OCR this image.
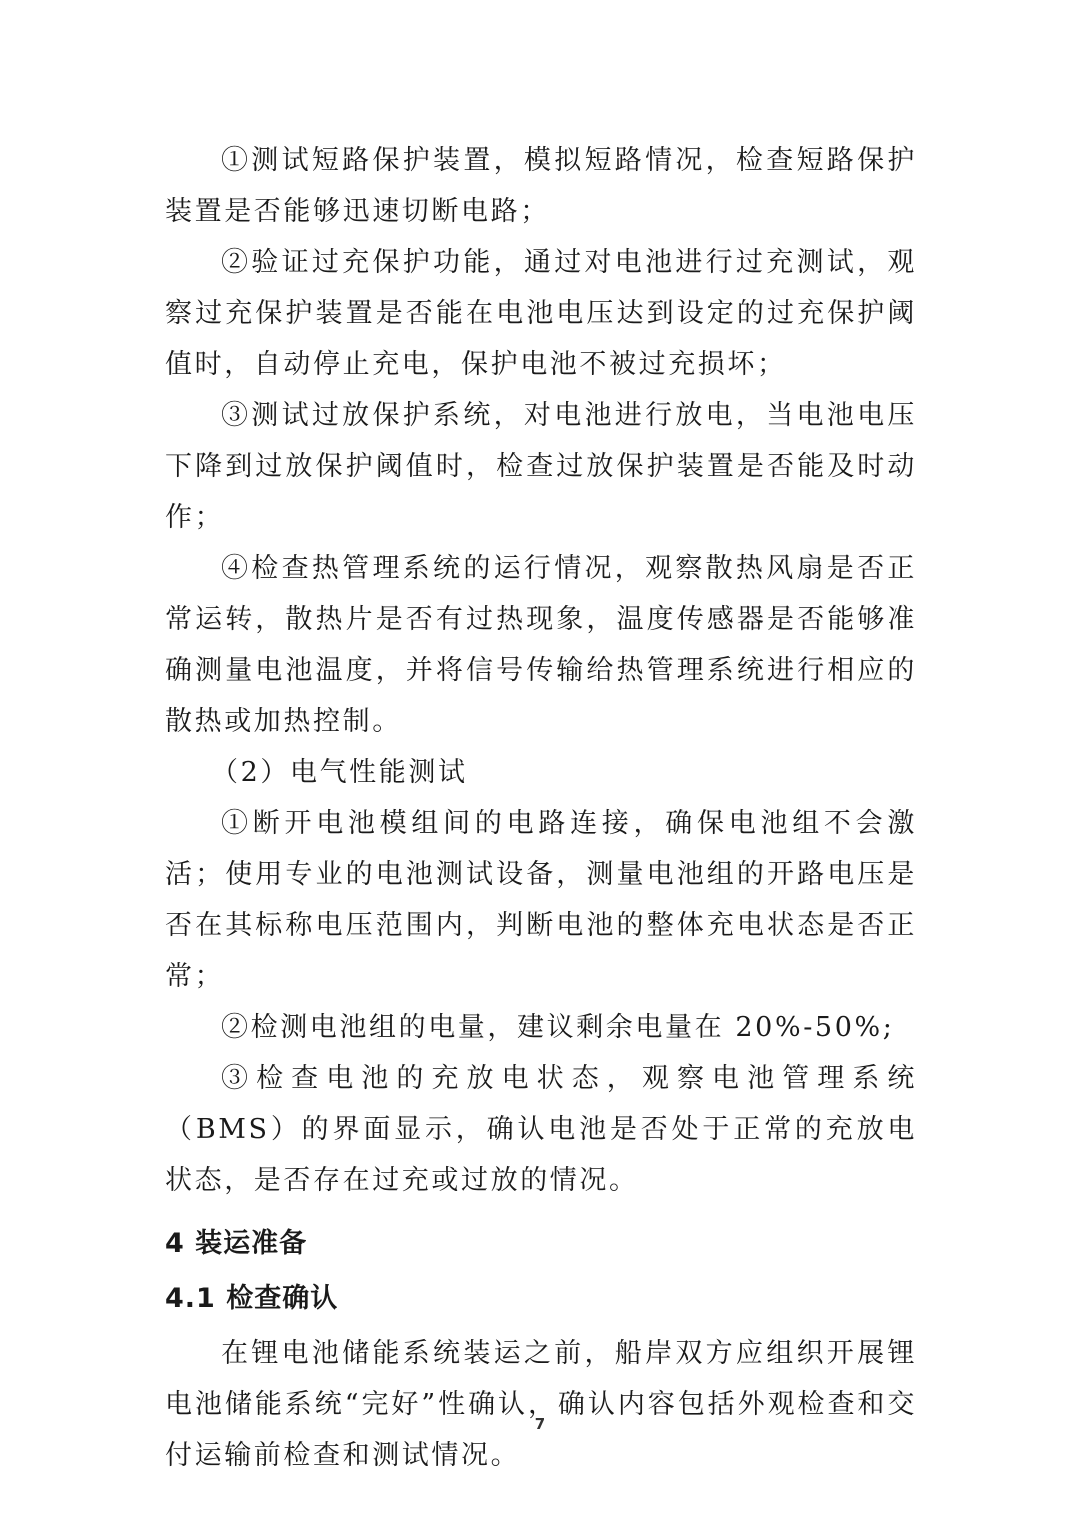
①测试短路保护装置，模拟短路情况，检查短路保护装置是否能够迅速切断电路；

②验证过充保护功能，通过对电池进行过充测试，观察过充保护装置是否能在电池电压达到设定的过充保护阈值时，自动停止充电，保护电池不被过充损坏；

③测试过放保护系统，对电池进行放电，当电池电压下降到过放保护阈值时，检查过放保护装置是否能及时动作；

④检查热管理系统的运行情况，观察散热风扇是否正常运转，散热片是否有过热现象，温度传感器是否能够准确测量电池温度，并将信号传输给热管理系统进行相应的散热或加热控制。

（2）电气性能测试

①断开电池模组间的电路连接，确保电池组不会激活；使用专业的电池测试设备，测量电池组的开路电压是否在其标称电压范围内，判断电池的整体充电状态是否正常；

②检测电池组的电量，建议剩余电量在 20%-50%;

③检查电池的充放电状态，观察电池管理系统（BMS）的界面显示，确认电池是否处于正常的充放电状态，是否存在过充或过放的情况。

4 装运准备
4.1 检查确认

在锂电池储能系统装运之前，船岸双方应组织开展锂电池储能系统“完好”性确认，确认内容包括外观检查和交付运输前检查和测试情况。

7
